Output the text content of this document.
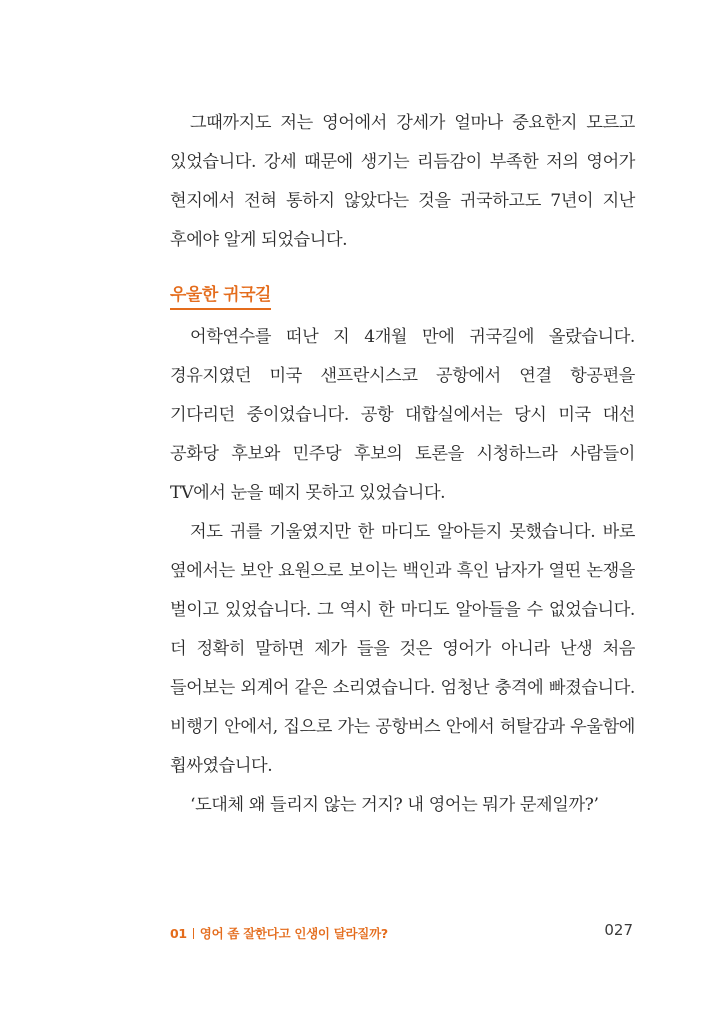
그때까지도 저는 영어에서 강세가 얼마나 중요한지 모르고 있었습니다. 강세 때문에 생기는 리듬감이 부족한 저의 영어가 현지에서 전혀 통하지 않았다는 것을 귀국하고도 7년이 지난 후에야 알게 되었습니다.

우울한 귀국길

어학연수를 떠난 지 4개월 만에 귀국길에 올랐습니다. 경유지였던 미국 샌프란시스코 공항에서 연결 항공편을 기다리던 중이었습니다. 공항 대합실에서는 당시 미국 대선 공화당 후보와 민주당 후보의 토론을 시청하느라 사람들이 TV에서 눈을 떼지 못하고 있었습니다.

저도 귀를 기울였지만 한 마디도 알아듣지 못했습니다. 바로 옆에서는 보안 요원으로 보이는 백인과 흑인 남자가 열띤 논쟁을 벌이고 있었습니다. 그 역시 한 마디도 알아들을 수 없었습니다. 더 정확히 말하면 제가 들을 것은 영어가 아니라 난생 처음 들어보는 외계어 같은 소리였습니다. 엄청난 충격에 빠졌습니다. 비행기 안에서, 집으로 가는 공항버스 안에서 허탈감과 우울함에 휩싸였습니다.

‘도대체 왜 들리지 않는 거지? 내 영어는 뭐가 문제일까?’

01 영어 좀 잘한다고 인생이 달라질까?	027
